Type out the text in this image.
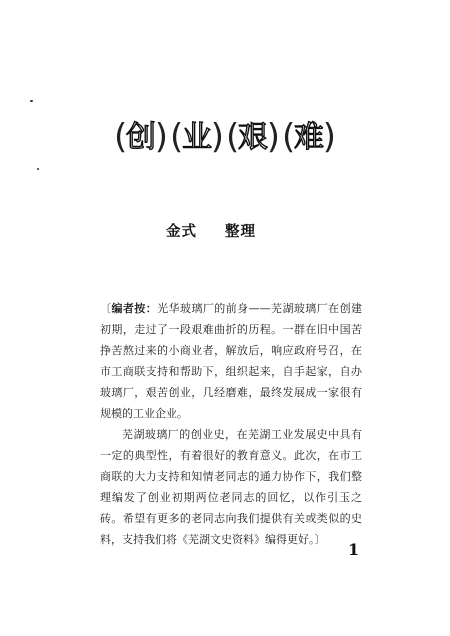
( 创 ) ( 业 ) ( 艰 ) ( 难 )
金式 整理

〔编者按：光华玻璃厂的前身——芜湖玻璃厂在创建初期，走过了一段艰难曲折的历程。一群在旧中国苦挣苦熬过来的小商业者，解放后，响应政府号召，在市工商联支持和帮助下，组织起来，自手起家，自办玻璃厂，艰苦创业，几经磨难，最终发展成一家很有规模的工业企业。

芜湖玻璃厂的创业史，在芜湖工业发展史中具有一定的典型性，有着很好的教育意义。此次，在市工商联的大力支持和知情老同志的通力协作下，我们整理编发了创业初期两位老同志的回忆，以作引玉之砖。希望有更多的老同志向我们提供有关或类似的史料，支持我们将《芜湖文史资料》编得更好。〕

1
